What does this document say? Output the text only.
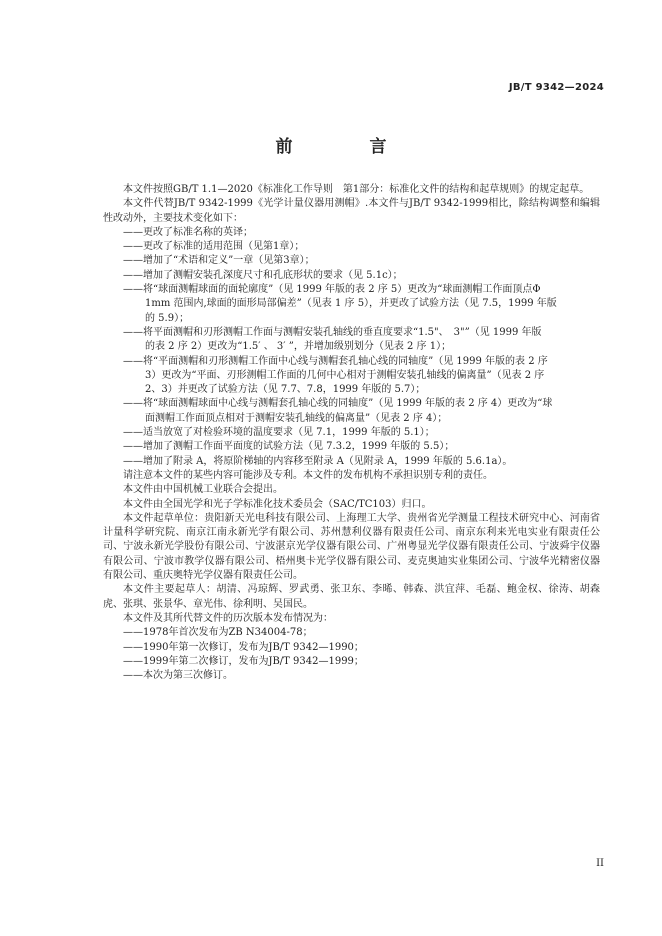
JB/T 9342—2024
前　言

本文件按照GB/T 1.1—2020《标准化工作导则　第1部分：标准化文件的结构和起草规则》的规定起草。

本文件代替JB/T 9342-1999《光学计量仪器用测帽》.本文件与JB/T 9342-1999相比，除结构调整和编辑性改动外，主要技术变化如下：

——更改了标准名称的英译；

——更改了标准的适用范围（见第1章）；

——增加了“术语和定义”一章（见第3章）；

——增加了测帽安装孔深度尺寸和孔底形状的要求（见 5.1c）；

——将“球面测帽球面的面轮廓度”（见 1999 年版的表 2 序 5）更改为“球面测帽工作面顶点Φ

1mm 范围内,球面的面形局部偏差”（见表 1 序 5），并更改了试验方法（见 7.5，1999 年版

的 5.9）；

——将平面测帽和刃形测帽工作面与测帽安装孔轴线的垂直度要求“1.5"、　3"”（见 1999 年版

的表 2 序 2）更改为“1.5′ 、 3′ ”，并增加级别划分（见表 2 序 1）；

——将“平面测帽和刃形测帽工作面中心线与测帽套孔轴心线的同轴度”（见 1999 年版的表 2 序

3）更改为“平面、刃形测帽工作面的几何中心相对于测帽安装孔轴线的偏离量”（见表 2 序

2、3）并更改了试验方法（见 7.7、7.8，1999 年版的 5.7）；

——将“球面测帽球面中心线与测帽套孔轴心线的同轴度”（见 1999 年版的表 2 序 4）更改为“球

面测帽工作面顶点相对于测帽安装孔轴线的偏离量”（见表 2 序 4）；

——适当放宽了对检验环境的温度要求（见 7.1，1999 年版的 5.1）；

——增加了测帽工作面平面度的试验方法（见 7.3.2，1999 年版的 5.5）；

——增加了附录 A，将原阶梯轴的内容移至附录 A（见附录 A，1999 年版的 5.6.1a）。

请注意本文件的某些内容可能涉及专利。本文件的发布机构不承担识别专利的责任。

本文件由中国机械工业联合会提出。

本文件由全国光学和光子学标准化技术委员会（SAC/TC103）归口。

本文件起草单位：贵阳新天光电科技有限公司、上海理工大学、贵州省光学测量工程技术研究中心、河南省计量科学研究院、南京江南永新光学有限公司、苏州慧利仪器有限责任公司、南京东利来光电实业有限责任公司、宁波永新光学股份有限公司、宁波湛京光学仪器有限公司、广州粤显光学仪器有限责任公司、宁波舜宇仪器有限公司、宁波市教学仪器有限公司、梧州奥卡光学仪器有限公司、麦克奥迪实业集团公司、宁波华光精密仪器有限公司、重庆奥特光学仪器有限责任公司。

本文件主要起草人：胡清、冯琼辉、罗武勇、张卫东、李晞、韩森、洪宜萍、毛磊、鲍金权、徐涛、胡森虎、张琪、张景华、章光伟、徐利明、吴国民。

本文件及其所代替文件的历次版本发布情况为：

——1978年首次发布为ZB N34004-78；

——1990年第一次修订，发布为JB/T 9342—1990；

——1999年第二次修订，发布为JB/T 9342—1999；

——本次为第三次修订。

II
